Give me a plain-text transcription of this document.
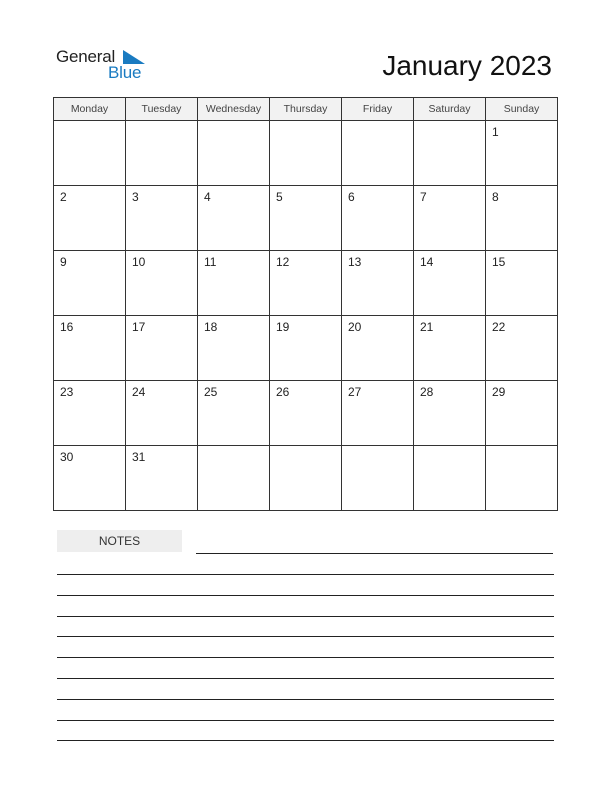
General
Blue	January 2023
Monday	Tuesday	Wednesday	Thursday	Friday	Saturday	Sunday

						1

2	3	4	5	6	7	8

9	10	11	12	13	14	15

16	17	18	19	20	21	22

23	24	25	26	27	28	29

30	31					

NOTES
